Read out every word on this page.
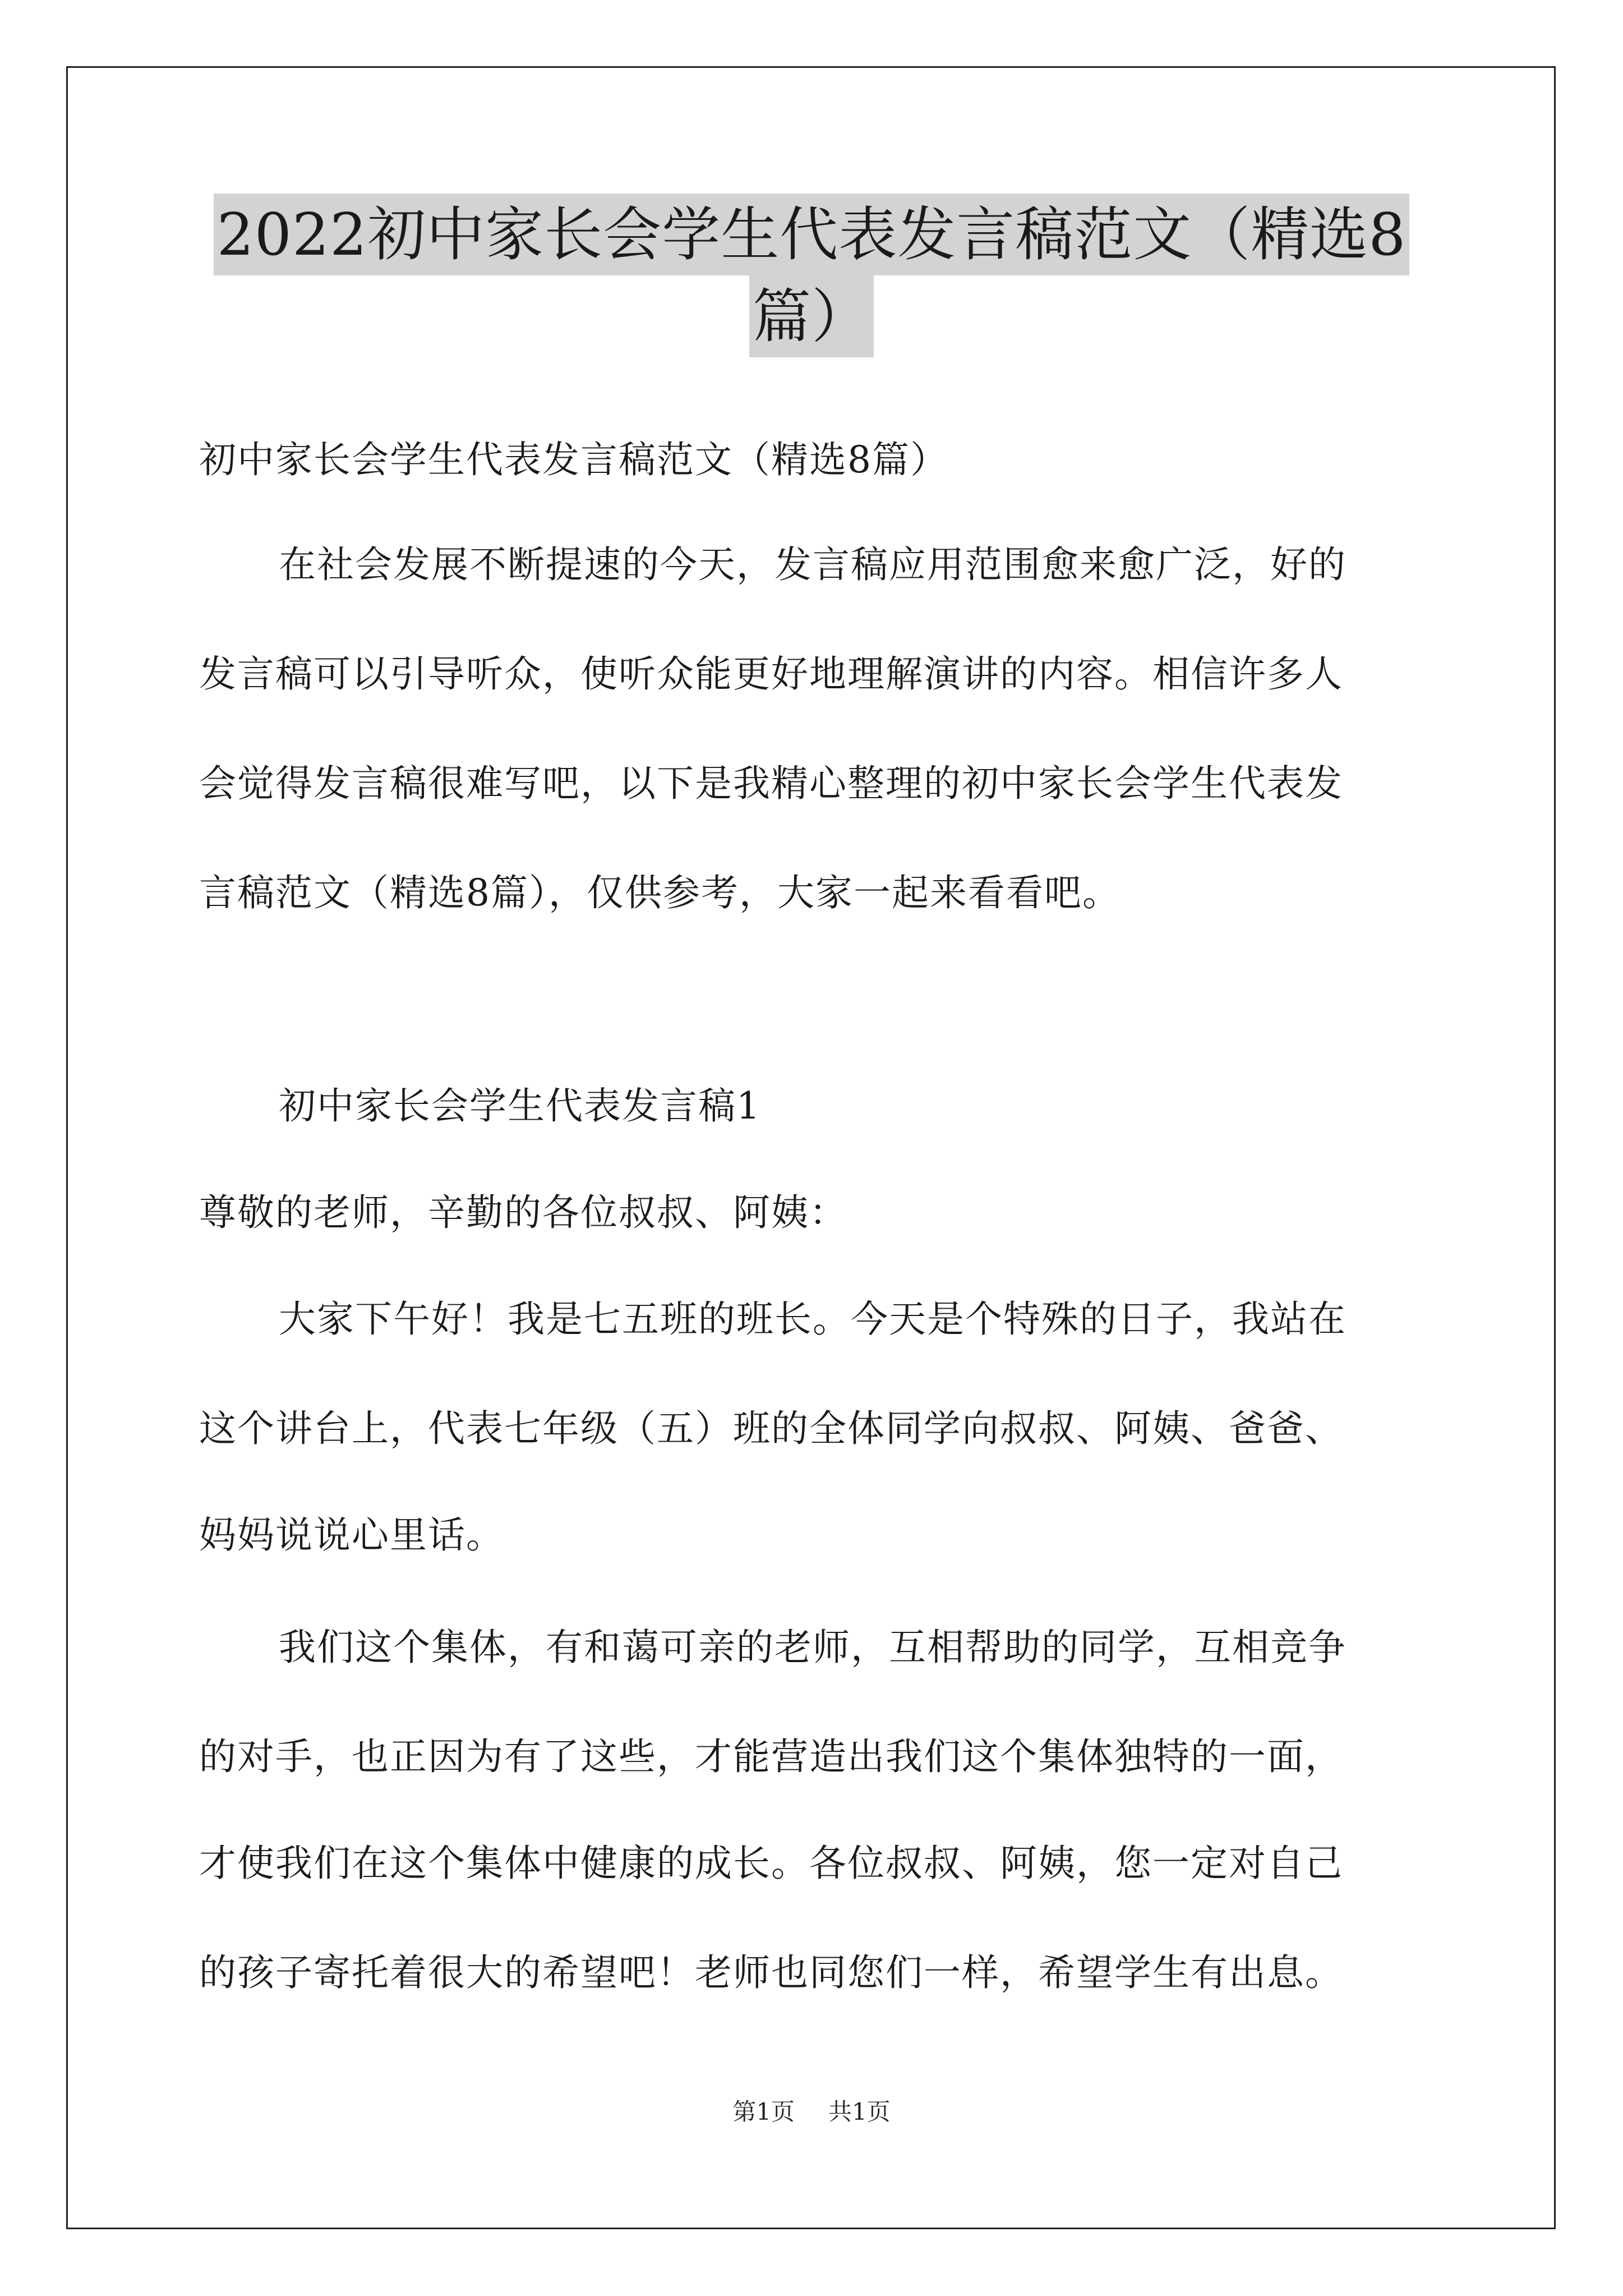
2022初中家长会学生代表发言稿范文（精选8
篇）
初中家长会学生代表发言稿范文（精选8篇）
在社会发展不断提速的今天，发言稿应用范围愈来愈广泛，好的
发言稿可以引导听众，使听众能更好地理解演讲的内容。相信许多人
会觉得发言稿很难写吧，以下是我精心整理的初中家长会学生代表发
言稿范文（精选8篇），仅供参考，大家一起来看看吧。
初中家长会学生代表发言稿1
尊敬的老师，辛勤的各位叔叔、阿姨：
大家下午好！我是七五班的班长。今天是个特殊的日子，我站在
这个讲台上，代表七年级（五）班的全体同学向叔叔、阿姨、爸爸、
妈妈说说心里话。
我们这个集体，有和蔼可亲的老师，互相帮助的同学，互相竞争
的对手，也正因为有了这些，才能营造出我们这个集体独特的一面，
才使我们在这个集体中健康的成长。各位叔叔、阿姨，您一定对自己
的孩子寄托着很大的希望吧！老师也同您们一样，希望学生有出息。
第1页 共1页
